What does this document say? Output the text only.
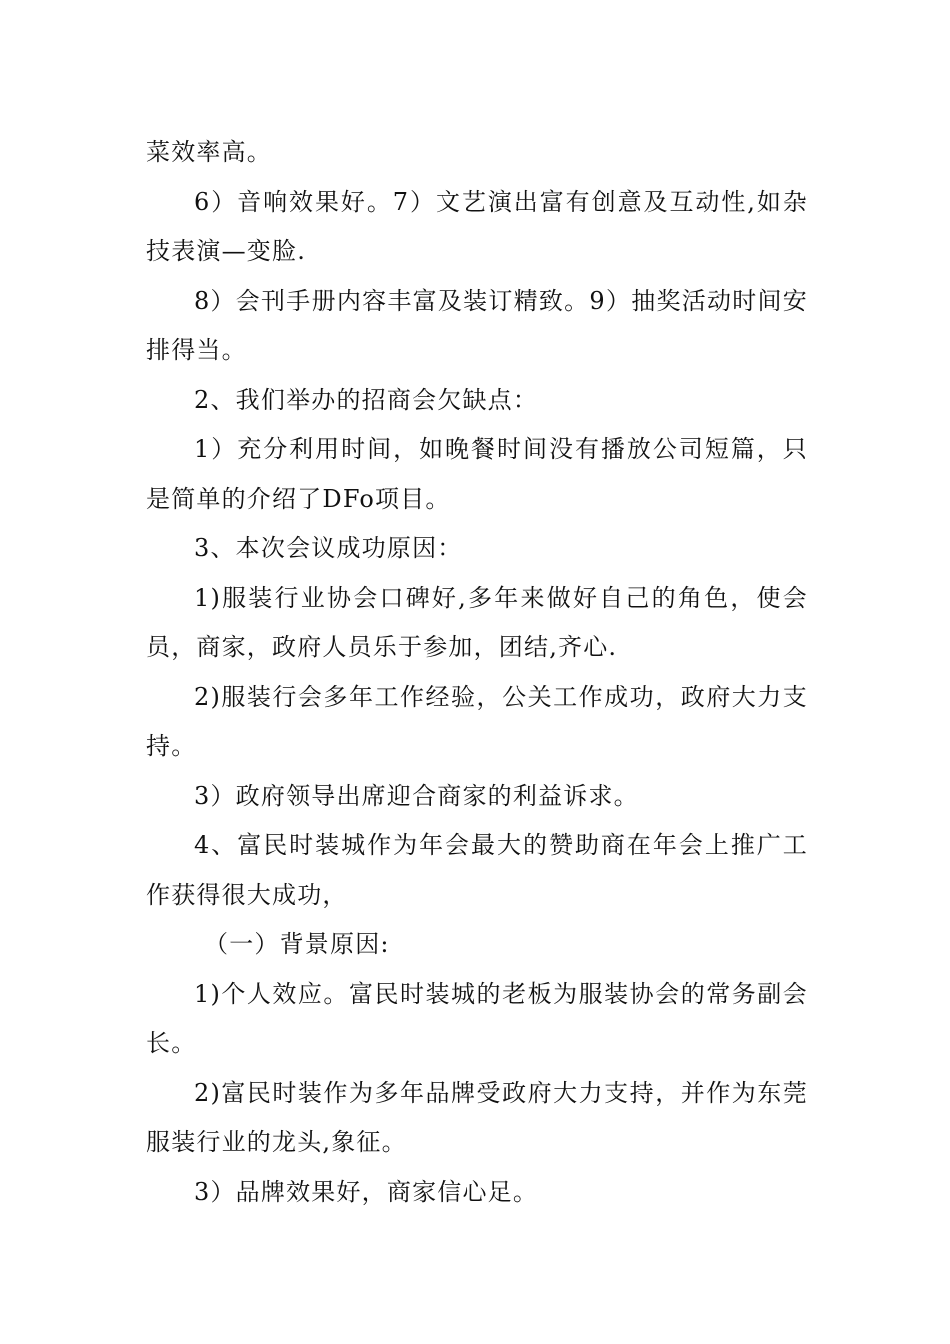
菜效率高。

6）音响效果好。7）文艺演出富有创意及互动性,如杂技表演—变脸.

8）会刊手册内容丰富及装订精致。9）抽奖活动时间安排得当。

2、我们举办的招商会欠缺点：

1）充分利用时间，如晚餐时间没有播放公司短篇，只是简单的介绍了DFo项目。

3、本次会议成功原因：

1)服装行业协会口碑好,多年来做好自己的角色，使会员，商家，政府人员乐于参加，团结,齐心.

2)服装行会多年工作经验，公关工作成功，政府大力支持。

3）政府领导出席迎合商家的利益诉求。

4、富民时装城作为年会最大的赞助商在年会上推广工作获得很大成功，

（一）背景原因:

1)个人效应。富民时装城的老板为服装协会的常务副会长。

2)富民时装作为多年品牌受政府大力支持，并作为东莞服装行业的龙头,象征。

3）品牌效果好，商家信心足。
